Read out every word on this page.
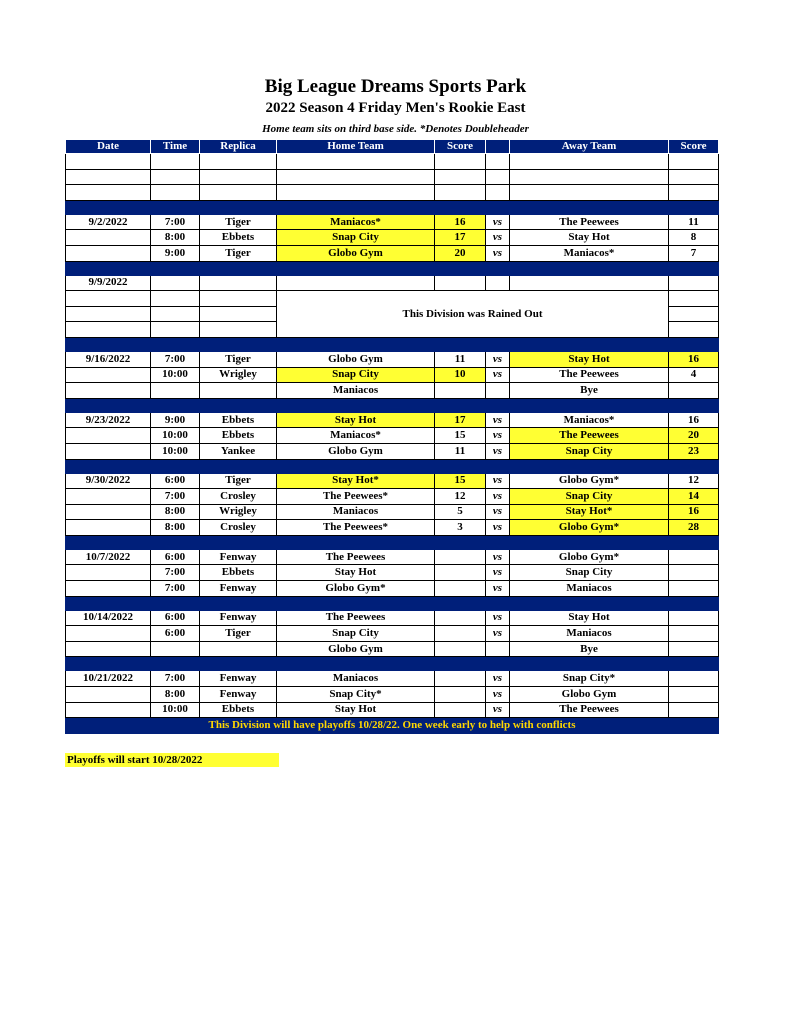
Big League Dreams Sports Park
2022 Season 4 Friday Men's Rookie East
Home team sits on third base side. *Denotes Doubleheader
Date	Time	Replica	Home Team	Score		Away Team	Score

9/2/2022	7:00	Tiger	Maniacos*	16	vs	The Peewees	11
	8:00	Ebbets	Snap City	17	vs	Stay Hot	8
	9:00	Tiger	Globo Gym	20	vs	Maniacos*	7

9/9/2022							
			This Division was Rained Out				

9/16/2022	7:00	Tiger	Globo Gym	11	vs	Stay Hot	16
	10:00	Wrigley	Snap City	10	vs	The Peewees	4
			Maniacos			Bye	

9/23/2022	9:00	Ebbets	Stay Hot	17	vs	Maniacos*	16
	10:00	Ebbets	Maniacos*	15	vs	The Peewees	20
	10:00	Yankee	Globo Gym	11	vs	Snap City	23

9/30/2022	6:00	Tiger	Stay Hot*	15	vs	Globo Gym*	12
	7:00	Crosley	The Peewees*	12	vs	Snap City	14
	8:00	Wrigley	Maniacos	5	vs	Stay Hot*	16
	8:00	Crosley	The Peewees*	3	vs	Globo Gym*	28

10/7/2022	6:00	Fenway	The Peewees		vs	Globo Gym*	
	7:00	Ebbets	Stay Hot		vs	Snap City	
	7:00	Fenway	Globo Gym*		vs	Maniacos	

10/14/2022	6:00	Fenway	The Peewees		vs	Stay Hot	
	6:00	Tiger	Snap City		vs	Maniacos	
			Globo Gym			Bye	

10/21/2022	7:00	Fenway	Maniacos		vs	Snap City*	
	8:00	Fenway	Snap City*		vs	Globo Gym	
	10:00	Ebbets	Stay Hot		vs	The Peewees	
This Division will have playoffs 10/28/22. One week early to help with conflicts							
Playoffs will start 10/28/2022
